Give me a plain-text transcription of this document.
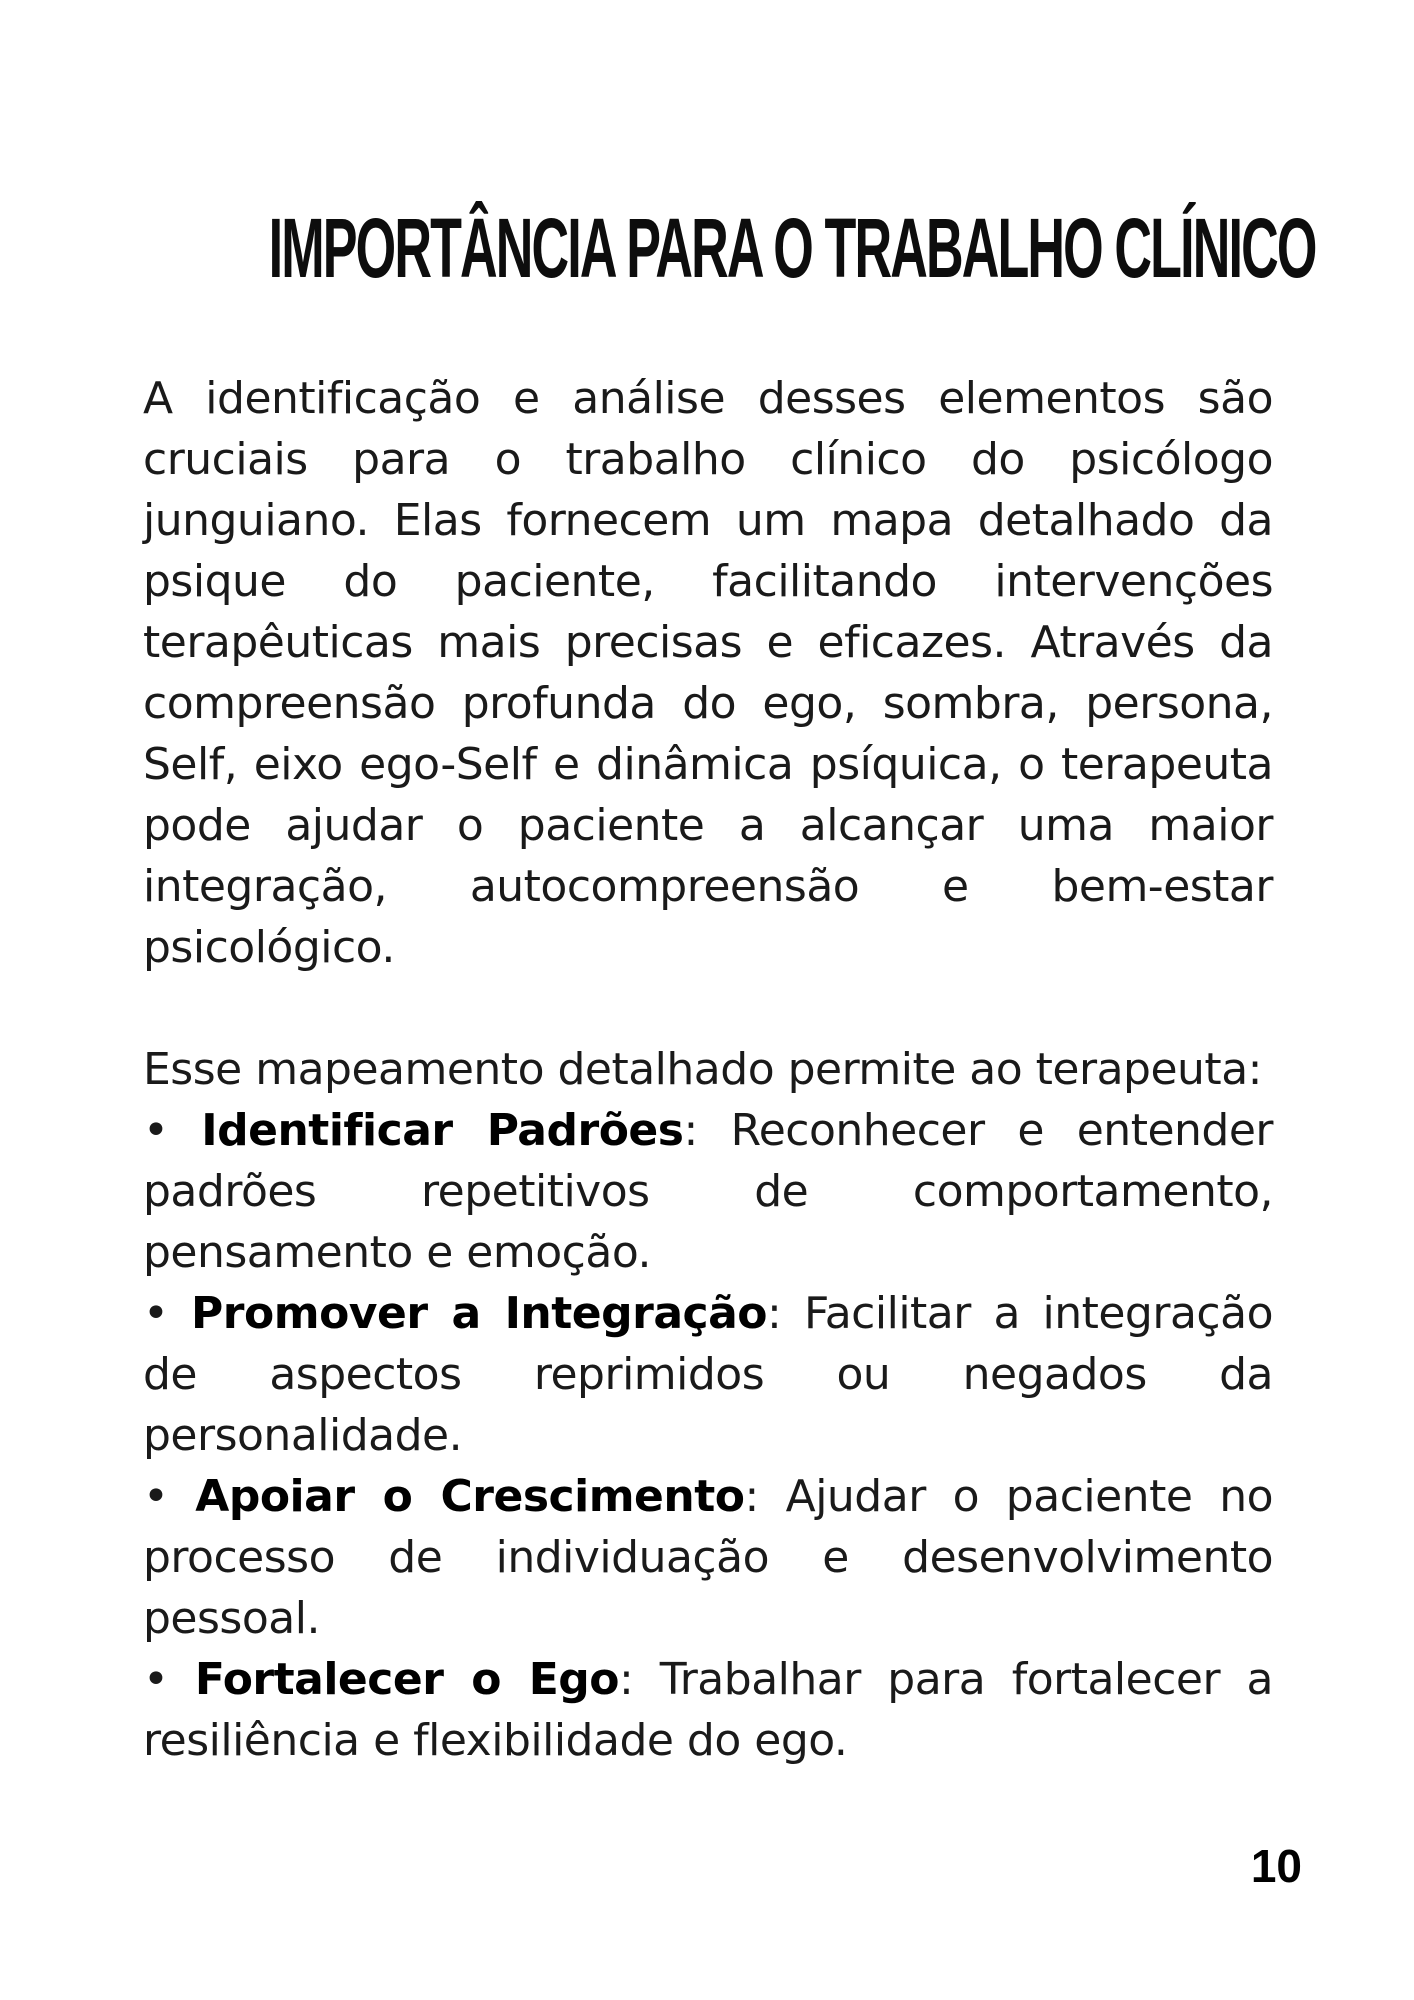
IMPORTÂNCIA PARA O TRABALHO CLÍNICO

A identificação e análise desses elementos são cruciais para o trabalho clínico do psicólogo junguiano. Elas fornecem um mapa detalhado da psique do paciente, facilitando intervenções terapêuticas mais precisas e eficazes. Através da compreensão profunda do ego, sombra, persona, Self, eixo ego-Self e dinâmica psíquica, o terapeuta pode ajudar o paciente a alcançar uma maior integração, autocompreensão e bem-estar psicológico.

Esse mapeamento detalhado permite ao terapeuta:

• Identificar Padrões: Reconhecer e entender padrões repetitivos de comportamento, pensamento e emoção.

• Promover a Integração: Facilitar a integração de aspectos reprimidos ou negados da personalidade.

• Apoiar o Crescimento: Ajudar o paciente no processo de individuação e desenvolvimento pessoal.

• Fortalecer o Ego: Trabalhar para fortalecer a resiliência e flexibilidade do ego.

10
